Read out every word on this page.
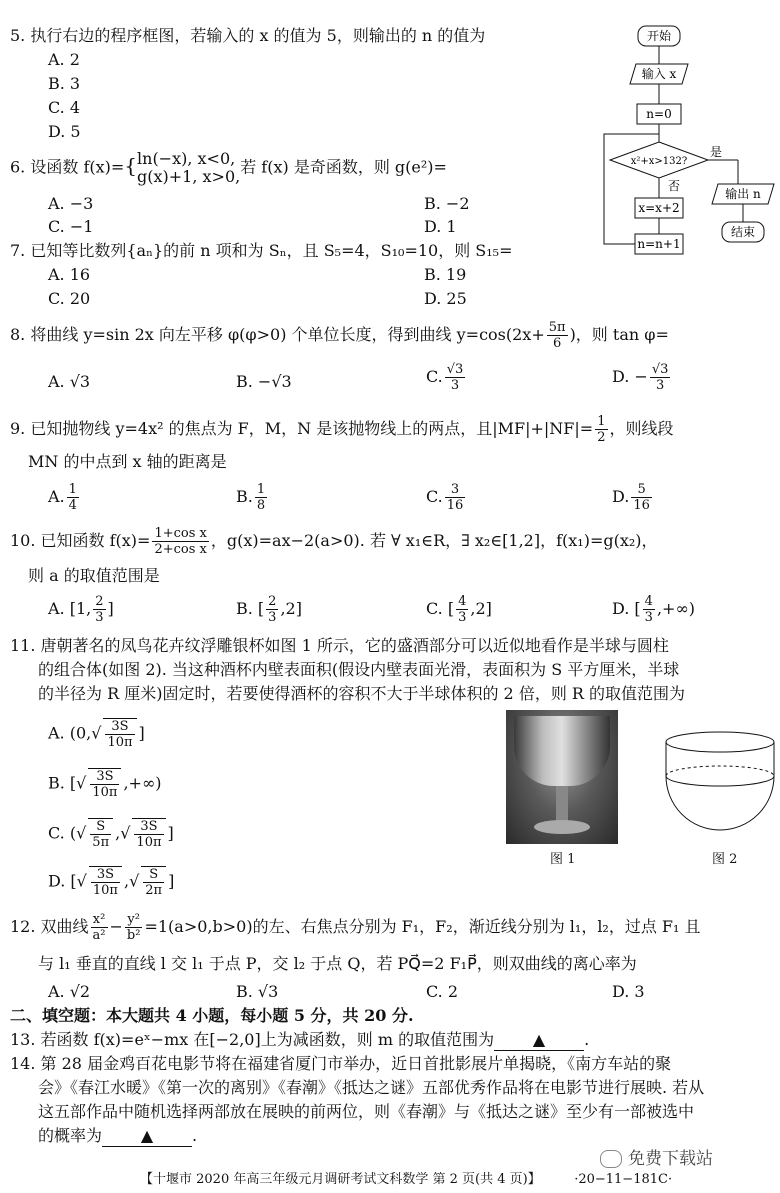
5. 执行右边的程序框图，若输入的 x 的值为 5，则输出的 n 的值为
A. 2
B. 3
C. 4
D. 5
开始
输入 x
n=0
x²+x>132?
是
输出 n
结束
否
x=x+2
n=n+1
6. 设函数 f(x)={ ln(−x), x<0,
g(x)+1, x>0, 若 f(x) 是奇函数，则 g(e²)=
A. −3	B. −2
C. −1	D. 1
7. 已知等比数列{aₙ}的前 n 项和为 Sₙ，且 S₅=4，S₁₀=10，则 S₁₅=
A. 16	B. 19
C. 20	D. 25
8. 将曲线 y=sin 2x 向左平移 φ(φ>0) 个单位长度，得到曲线 $y=\cos(2x+ \frac{5\pi}{6}$ )，则 tan φ=
A. √3	B. −√3	C. $\frac{√3}{3}$	D. − $\frac{√3}{3}$
9. 已知抛物线 y=4x² 的焦点为 F，M，N 是该抛物线上的两点，且$|MF|+|NF|= \frac{1}{2}$ ，则线段
MN 的中点到 x 轴的距离是
A. $\frac{1}{4}$	B. $\frac{1}{8}$	C. $\frac{3}{16}$	D. $\frac{5}{16}$
10. 已知函数 $f(x)= \frac{\text{1+cos x}}{\text{2+cos x}}$ ，g(x)=ax−2(a>0). 若 ∀ x₁∈R，∃ x₂∈[1,2]，f(x₁)=g(x₂)，
则 a 的取值范围是
A. [1, $\frac{2}{3}$ ]	B. [ $\frac{2}{3} ,2$]	C. [ $\frac{4}{3} ,2$]	D. [ $\frac{4}{3}$ ,+∞)
11. 唐朝著名的凤鸟花卉纹浮雕银杯如图 1 所示，它的盛酒部分可以近似地看作是半球与圆柱
的组合体(如图 2). 当这种酒杯内壁表面积(假设内壁表面光滑，表面积为 S 平方厘米，半球
的半径为 R 厘米)固定时，若要使得酒杯的容积不大于半球体积的 2 倍，则 R 的取值范围为
A. ($0,√ \frac{3S}{10\pi}$ ]
B. [√ $\frac{3S}{10\pi}$ ,+∞)
C. (√ $\frac{S}{5\pi}$ ,√ $\frac{3S}{10\pi}$ ]
D. [√ $\frac{3S}{10\pi}$ ,√ $\frac{S}{2\pi}$ ]
图 1	图 2
12. 双曲线 $\frac{\text{x²}}{\text{a²}} - \frac{\text{y²}}{\text{b²}} =1(a>0,b>0)$的左、右焦点分别为 F₁，F₂，渐近线分别为 l₁，l₂，过点 F₁ 且
与 l₁ 垂直的直线 l 交 l₁ 于点 P，交 l₂ 于点 Q，若 PQ⃗=2 F₁P⃗，则双曲线的离心率为
A. √2	B. √3	C. 2	D. 3
二、填空题：本大题共 4 小题，每小题 5 分，共 20 分.
13. 若函数 f(x)=eˣ−mx 在[−2,0]上为减函数，则 m 的取值范围为 ▲ .
14. 第 28 届金鸡百花电影节将在福建省厦门市举办，近日首批影展片单揭晓，《南方车站的聚
会》《春江水暖》《第一次的离别》《春潮》《抵达之谜》五部优秀作品将在电影节进行展映. 若从
这五部作品中随机选择两部放在展映的前两位，则《春潮》与《抵达之谜》至少有一部被选中
的概率为 ▲ .
免费下载站
【十堰市 2020 年高三年级元月调研考试文科数学 第 2 页(共 4 页)】	·20−11−181C·
